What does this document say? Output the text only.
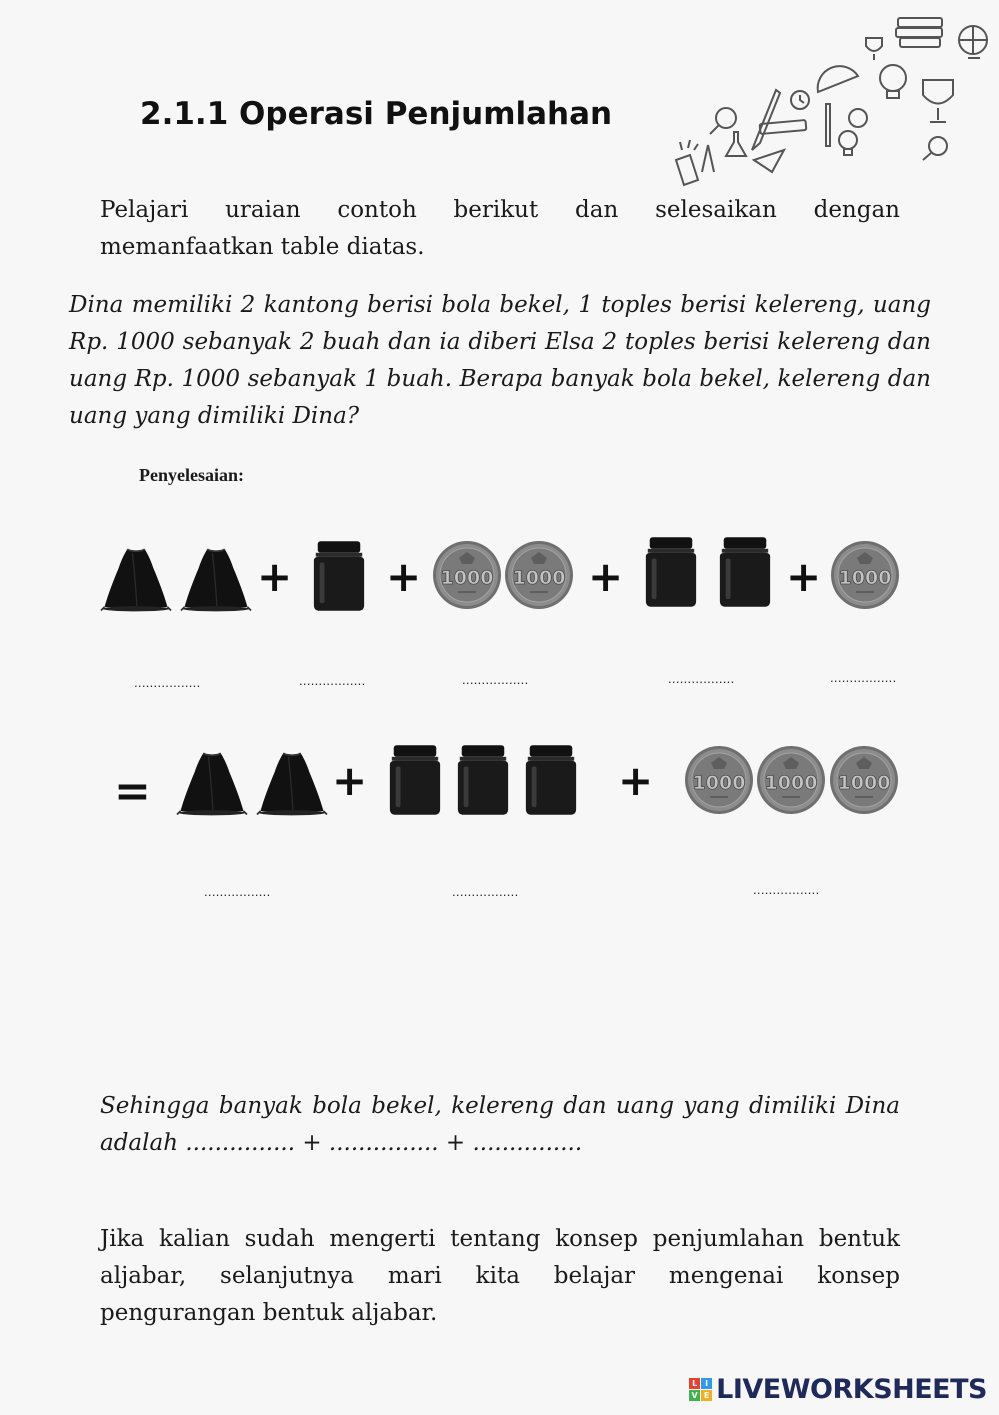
2.1.1 Operasi Penjumlahan
Pelajari uraian contoh berikut dan selesaikan dengan memanfaatkan table diatas.
Dina memiliki 2 kantong berisi bola bekel, 1 toples berisi kelereng, uang Rp. 1000 sebanyak 2 buah dan ia diberi Elsa 2 toples berisi kelereng dan uang Rp. 1000 sebanyak 1 buah. Berapa banyak bola bekel, kelereng dan uang yang dimiliki Dina?
Penyelesaian:
+ +	+	+
.................	.................	.................	.................	.................
=	+	+
.................	.................	.................
Sehingga banyak bola bekel, kelereng dan uang yang dimiliki Dina adalah ............... + ............... + ...............
Jika kalian sudah mengerti tentang konsep penjumlahan bentuk aljabar, selanjutnya mari kita belajar mengenai konsep pengurangan bentuk aljabar.
L I
V E LIVEWORKSHEETS
